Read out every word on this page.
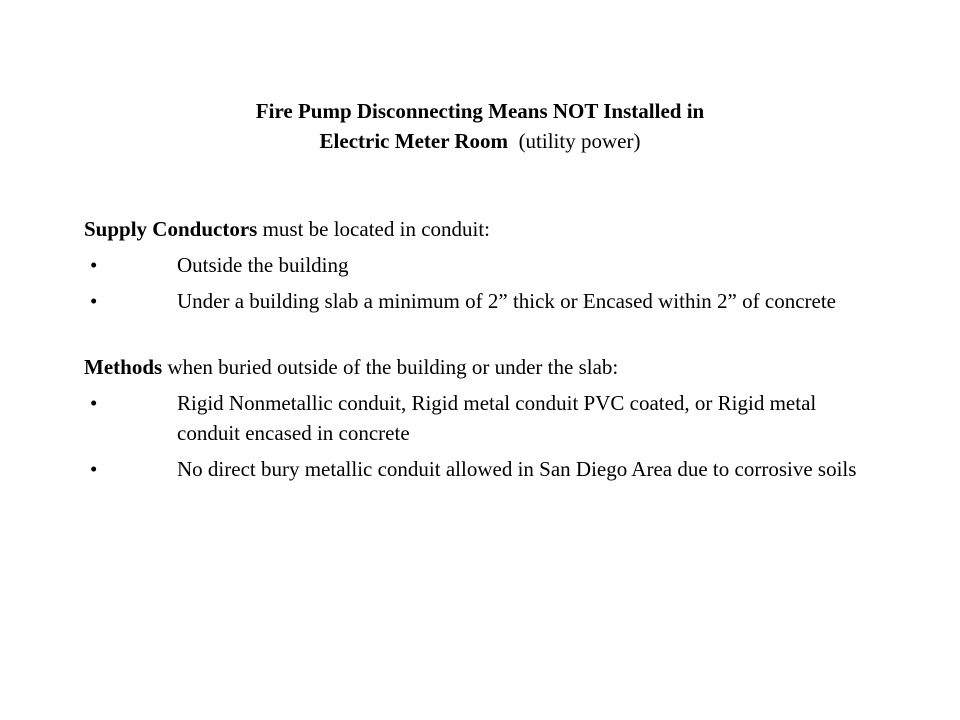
Fire Pump Disconnecting Means NOT Installed in
Electric Meter Room  (utility power)

Supply Conductors must be located in conduit:

•	Outside the building
•	Under a building slab a minimum of 2” thick or Encased within 2” of concrete

Methods when buried outside of the building or under the slab:

•	Rigid Nonmetallic conduit, Rigid metal conduit PVC coated, or Rigid metal conduit encased in concrete
•	No direct bury metallic conduit allowed in San Diego Area due to corrosive soils
